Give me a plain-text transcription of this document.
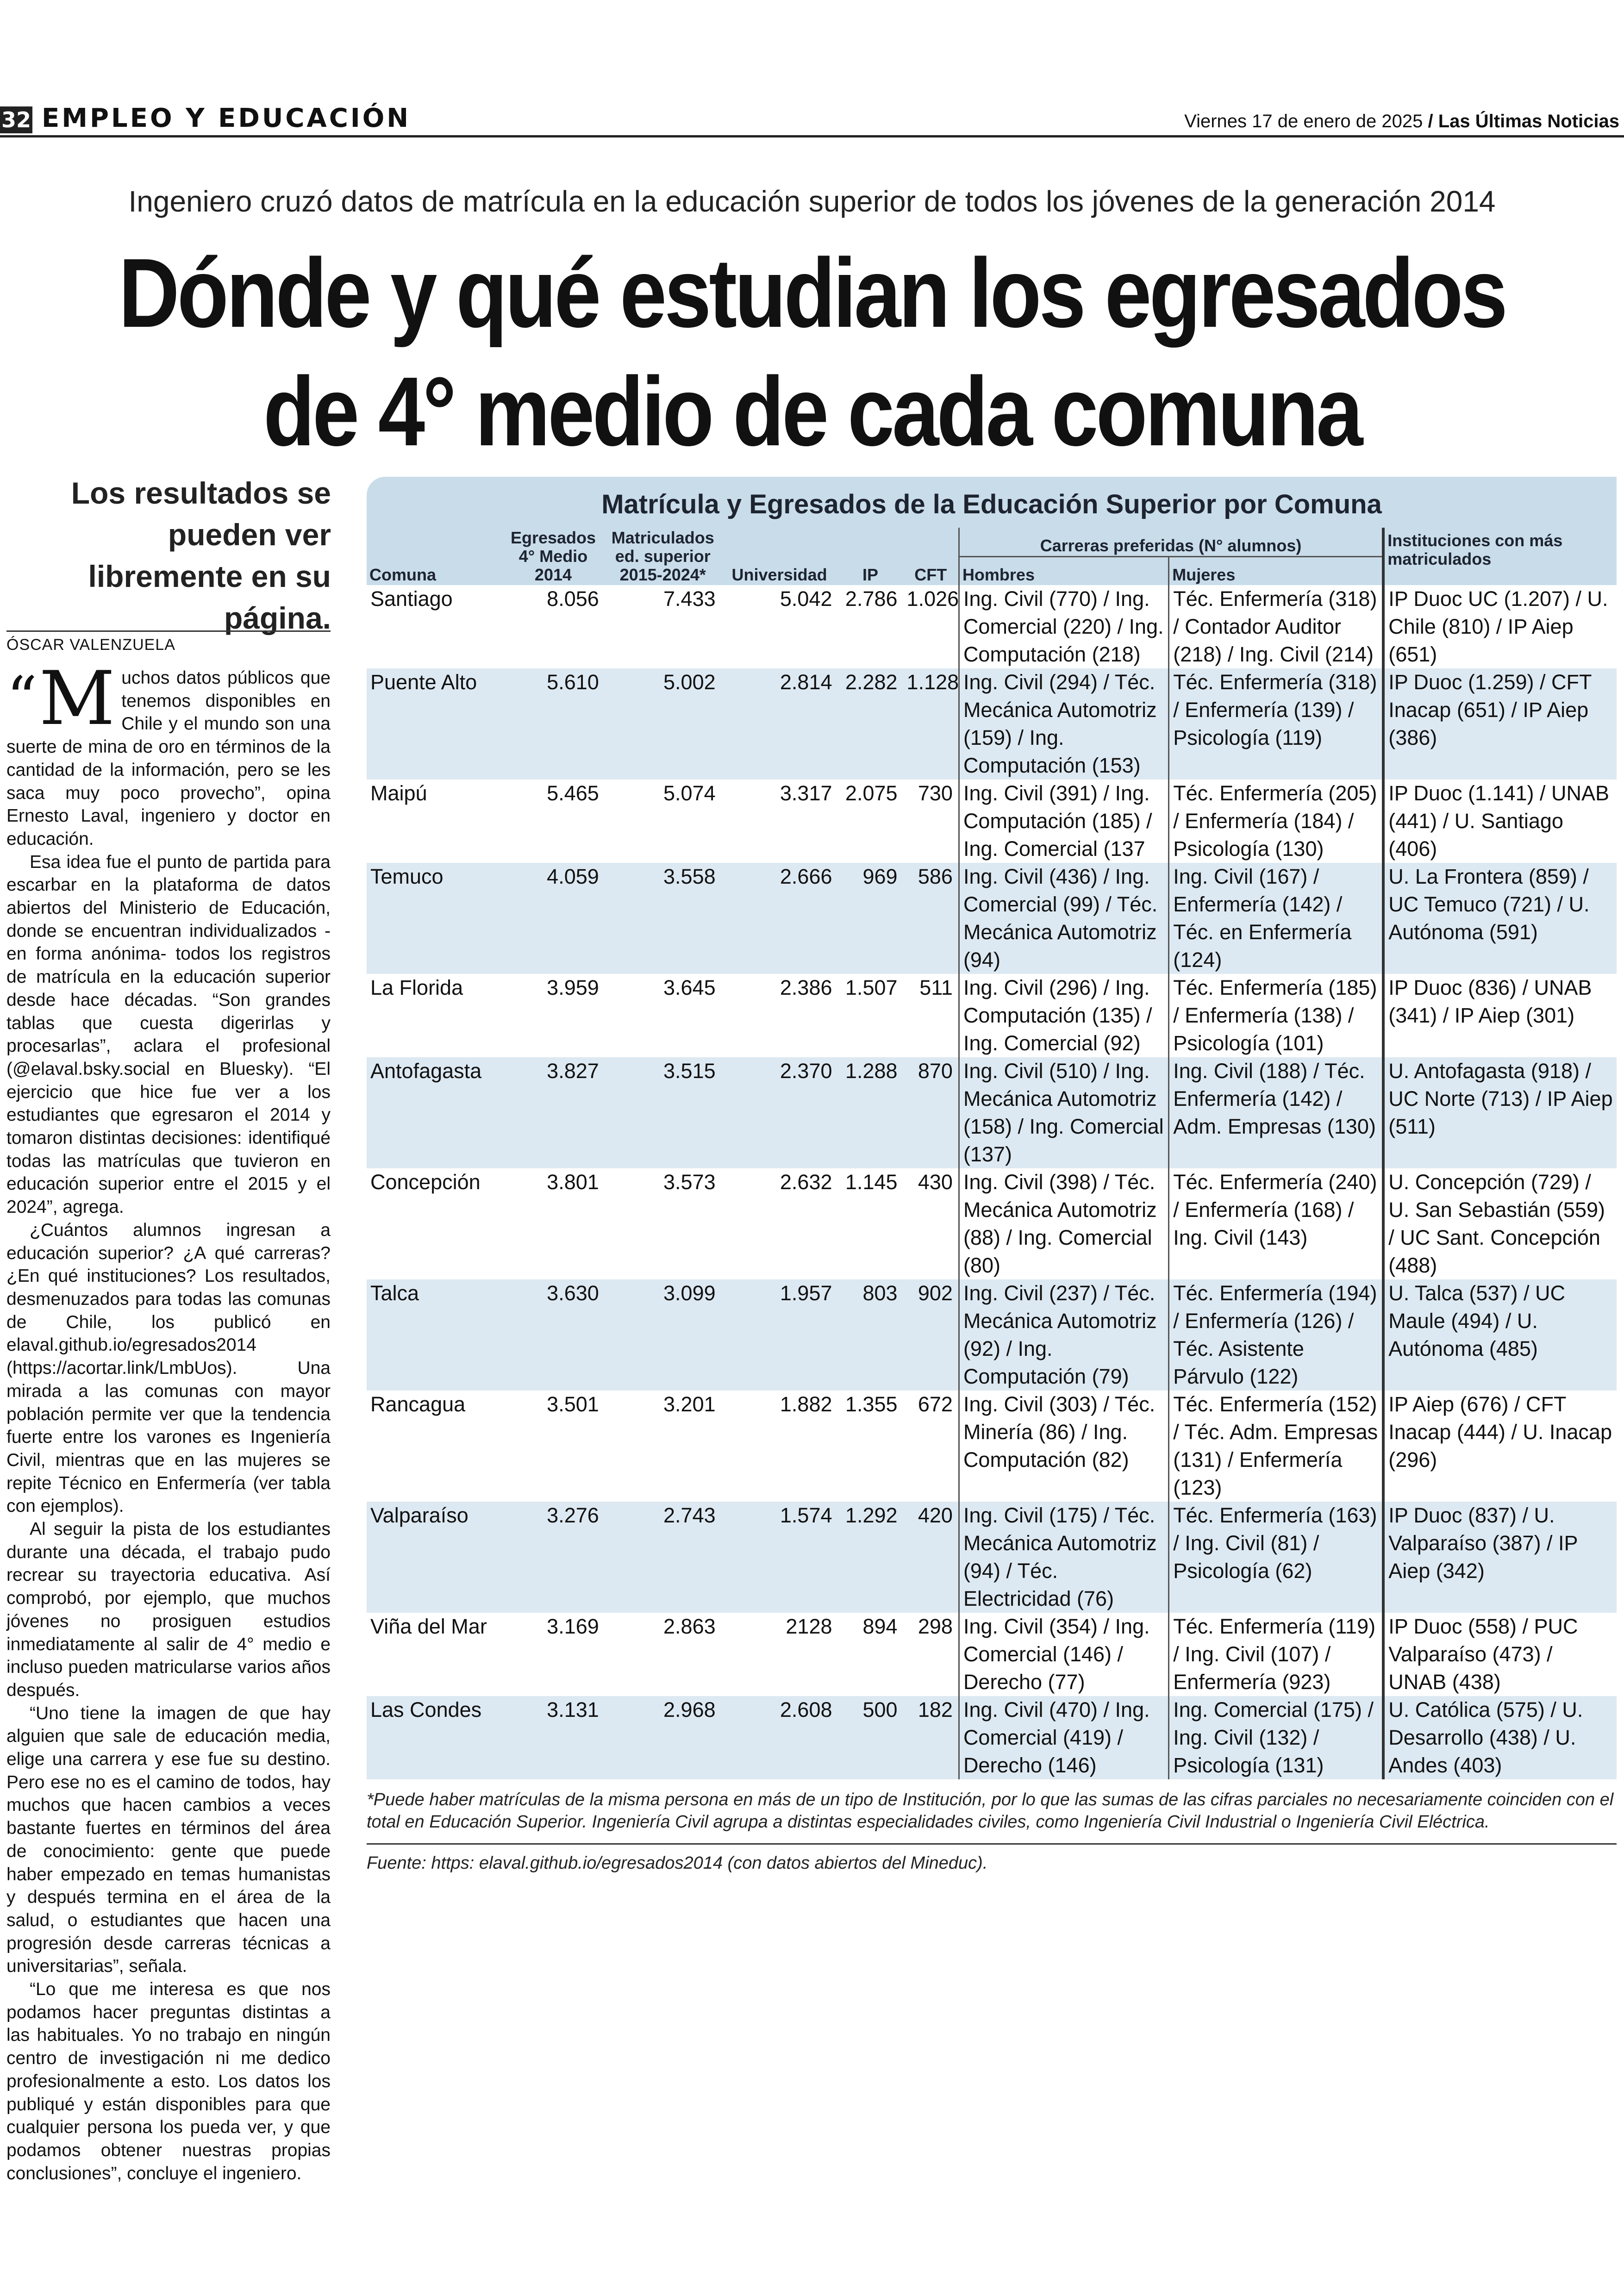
32 EMPLEO Y EDUCACIÓN	Viernes 17 de enero de 2025 / Las Últimas Noticias
Ingeniero cruzó datos de matrícula en la educación superior de todos los jóvenes de la generación 2014
Dónde y qué estudian los egresados
de 4° medio de cada comuna
Los resultados se pueden ver libremente en su página.
ÓSCAR VALENZUELA

“M uchos datos públicos que tenemos disponibles en Chile y el mundo son una suerte de mina de oro en términos de la cantidad de la información, pero se les saca muy poco provecho”, opina Ernesto Laval, ingeniero y doctor en educación.

Esa idea fue el punto de partida para escarbar en la plataforma de datos abiertos del Ministerio de Educación, donde se encuentran individualizados -en forma anónima- todos los registros de matrícula en la educación superior desde hace décadas. “Son grandes tablas que cuesta digerirlas y procesarlas”, aclara el profesional (@elaval.bsky.social en Bluesky). “El ejercicio que hice fue ver a los estudiantes que egresaron el 2014 y tomaron distintas decisiones: identifiqué todas las matrículas que tuvieron en educación superior entre el 2015 y el 2024”, agrega.

¿Cuántos alumnos ingresan a educación superior? ¿A qué carreras? ¿En qué instituciones? Los resultados, desmenuzados para todas las comunas de Chile, los publicó en elaval.github.io/egresados2014 (https://acortar.link/LmbUos). Una mirada a las comunas con mayor población permite ver que la tendencia fuerte entre los varones es Ingeniería Civil, mientras que en las mujeres se repite Técnico en Enfermería (ver tabla con ejemplos).

Al seguir la pista de los estudiantes durante una década, el trabajo pudo recrear su trayectoria educativa. Así comprobó, por ejemplo, que muchos jóvenes no prosiguen estudios inmediatamente al salir de 4° medio e incluso pueden matricularse varios años después.

“Uno tiene la imagen de que hay alguien que sale de educación media, elige una carrera y ese fue su destino. Pero ese no es el camino de todos, hay muchos que hacen cambios a veces bastante fuertes en términos del área de conocimiento: gente que puede haber empezado en temas humanistas y después termina en el área de la salud, o estudiantes que hacen una progresión desde carreras técnicas a universitarias”, señala.

“Lo que me interesa es que nos podamos hacer preguntas distintas a las habituales. Yo no trabajo en ningún centro de investigación ni me dedico profesionalmente a esto. Los datos los publiqué y están disponibles para que cualquier persona los pueda ver, y que podamos obtener nuestras propias conclusiones”, concluye el ingeniero.

Matrícula y Egresados de la Educación Superior por Comuna
Comuna	Egresados 4° Medio 2014	Matriculados ed. superior 2015-2024*	Universidad	IP	CFT	Carreras preferidas (N° alumnos)		Instituciones con más matriculados
						Hombres	Mujeres	
Santiago	8.056	7.433	5.042	2.786	1.026	Ing. Civil (770) / Ing. Comercial (220) / Ing. Computación (218)	Téc. Enfermería (318) / Contador Auditor (218) / Ing. Civil (214)	IP Duoc UC (1.207) / U. Chile (810) / IP Aiep (651)
Puente Alto	5.610	5.002	2.814	2.282	1.128	Ing. Civil (294) / Téc. Mecánica Automotriz (159) / Ing. Computación (153)	Téc. Enfermería (318) / Enfermería (139) / Psicología (119)	IP Duoc (1.259) / CFT Inacap (651) / IP Aiep (386)
Maipú	5.465	5.074	3.317	2.075	730	Ing. Civil (391) / Ing. Computación (185) / Ing. Comercial (137	Téc. Enfermería (205) / Enfermería (184) / Psicología (130)	IP Duoc (1.141) / UNAB (441) / U. Santiago (406)
Temuco	4.059	3.558	2.666	969	586	Ing. Civil (436) / Ing. Comercial (99) / Téc. Mecánica Automotriz (94)	Ing. Civil (167) / Enfermería (142) / Téc. en Enfermería (124)	U. La Frontera (859) / UC Temuco (721) / U. Autónoma (591)
La Florida	3.959	3.645	2.386	1.507	511	Ing. Civil (296) / Ing. Computación (135) / Ing. Comercial (92)	Téc. Enfermería (185) / Enfermería (138) / Psicología (101)	IP Duoc (836) / UNAB (341) / IP Aiep (301)
Antofagasta	3.827	3.515	2.370	1.288	870	Ing. Civil (510) / Ing. Mecánica Automotriz (158) / Ing. Comercial (137)	Ing. Civil (188) / Téc. Enfermería (142) / Adm. Empresas (130)	U. Antofagasta (918) / UC Norte (713) / IP Aiep (511)
Concepción	3.801	3.573	2.632	1.145	430	Ing. Civil (398) / Téc. Mecánica Automotriz (88) / Ing. Comercial (80)	Téc. Enfermería (240) / Enfermería (168) / Ing. Civil (143)	U. Concepción (729) / U. San Sebastián (559) / UC Sant. Concepción (488)
Talca	3.630	3.099	1.957	803	902	Ing. Civil (237) / Téc. Mecánica Automotriz (92) / Ing. Computación (79)	Téc. Enfermería (194) / Enfermería (126) / Téc. Asistente Párvulo (122)	U. Talca (537) / UC Maule (494) / U. Autónoma (485)
Rancagua	3.501	3.201	1.882	1.355	672	Ing. Civil (303) / Téc. Minería (86) / Ing. Computación (82)	Téc. Enfermería (152) / Téc. Adm. Empresas (131) / Enfermería (123)	IP Aiep (676) / CFT Inacap (444) / U. Inacap (296)
Valparaíso	3.276	2.743	1.574	1.292	420	Ing. Civil (175) / Téc. Mecánica Automotriz (94) / Téc. Electricidad (76)	Téc. Enfermería (163) / Ing. Civil (81) / Psicología (62)	IP Duoc (837) / U. Valparaíso (387) / IP Aiep (342)
Viña del Mar	3.169	2.863	2128	894	298	Ing. Civil (354) / Ing. Comercial (146) / Derecho (77)	Téc. Enfermería (119) / Ing. Civil (107) / Enfermería (923)	IP Duoc (558) / PUC Valparaíso (473) / UNAB (438)
Las Condes	3.131	2.968	2.608	500	182	Ing. Civil (470) / Ing. Comercial (419) / Derecho (146)	Ing. Comercial (175) / Ing. Civil (132) / Psicología (131)	U. Católica (575) / U. Desarrollo (438) / U. Andes (403)
*Puede haber matrículas de la misma persona en más de un tipo de Institución, por lo que las sumas de las cifras parciales no necesariamente coinciden con el total en Educación Superior. Ingeniería Civil agrupa a distintas especialidades civiles, como Ingeniería Civil Industrial o Ingeniería Civil Eléctrica.
Fuente: https: elaval.github.io/egresados2014 (con datos abiertos del Mineduc).
